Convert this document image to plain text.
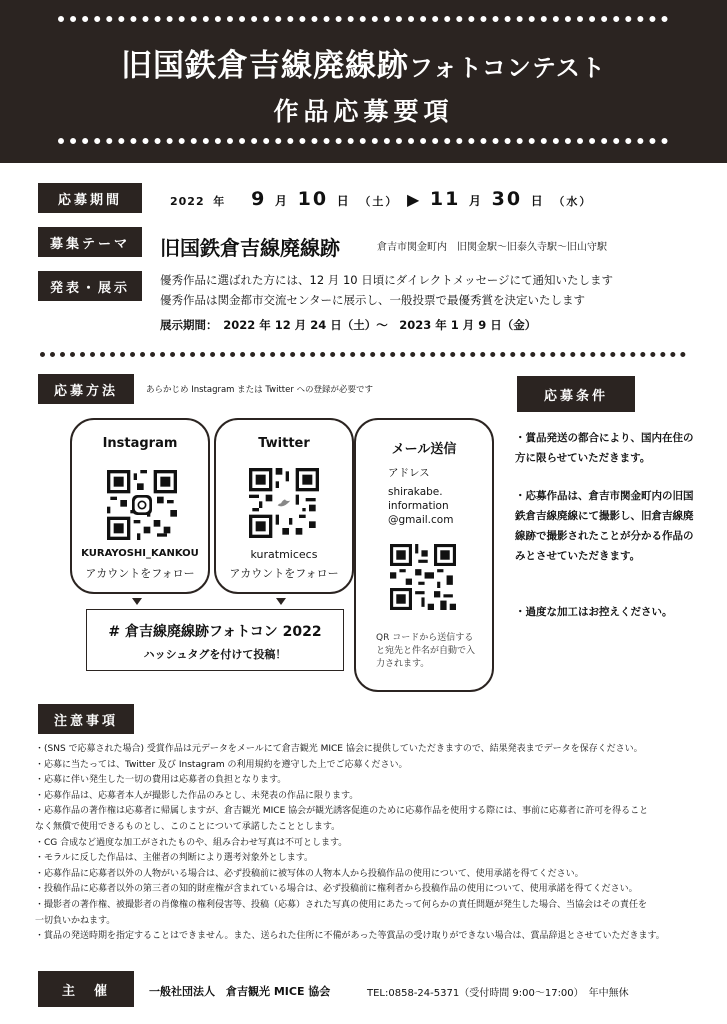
旧国鉄倉吉線廃線跡フォトコンテスト
作品応募要項
応募期間	2022 年 9 月 10 日 （土） ▶ 11 月 30 日 （水）
募集テーマ	旧国鉄倉吉線廃線跡	倉吉市関金町内　旧関金駅〜旧泰久寺駅〜旧山守駅
発表・展示
優秀作品に選ばれた方には、12 月 10 日頃にダイレクトメッセージにて通知いたします
優秀作品は関金都市交流センターに展示し、一般投票で最優秀賞を決定いたします
展示期間：　2022 年 12 月 24 日（土）〜　2023 年 1 月 9 日（金）
応募方法	あらかじめ Instagram または Twitter への登録が必要です
Instagram
KURAYOSHI_KANKOU
アカウントをフォロー
Twitter
kuratmicecs
アカウントをフォロー
メール送信
アドレス
shirakabe.
information
@gmail.com
QR コードから送信すると宛先と件名が自動で入力されます。
# 倉吉線廃線跡フォトコン 2022
ハッシュタグを付けて投稿！
応募条件
・賞品発送の都合により、国内在住の方に限らせていただきます。
・応募作品は、倉吉市関金町内の旧国鉄倉吉線廃線にて撮影し、旧倉吉線廃線跡で撮影されたことが分かる作品のみとさせていただきます。
・過度な加工はお控えください。
注意事項

・(SNS で応募された場合) 受賞作品は元データをメールにて倉吉観光 MICE 協会に提供していただきますので、結果発表までデータを保存ください。

・応募に当たっては、Twitter 及び Instagram の利用規約を遵守した上でご応募ください。

・応募に伴い発生した一切の費用は応募者の負担となります。

・応募作品は、応募者本人が撮影した作品のみとし、未発表の作品に限ります。

・応募作品の著作権は応募者に帰属しますが、倉吉観光 MICE 協会が観光誘客促進のために応募作品を使用する際には、事前に応募者に許可を得ること

なく無償で使用できるものとし、このことについて承諾したこととします。

・CG 合成など過度な加工がされたものや、組み合わせ写真は不可とします。

・モラルに反した作品は、主催者の判断により選考対象外とします。

・応募作品に応募者以外の人物がいる場合は、必ず投稿前に被写体の人物本人から投稿作品の使用について、使用承諾を得てください。

・投稿作品に応募者以外の第三者の知的財産権が含まれている場合は、必ず投稿前に権利者から投稿作品の使用について、使用承諾を得てください。

・撮影者の著作権、被撮影者の肖像権の権利侵害等、投稿（応募）された写真の使用にあたって何らかの責任問題が発生した場合、当協会はその責任を

一切負いかねます。

・賞品の発送時期を指定することはできません。また、送られた住所に不備があった等賞品の受け取りができない場合は、賞品辞退とさせていただきます。

主　催	一般社団法人　倉吉観光 MICE 協会	TEL:0858-24-5371（受付時間 9:00〜17:00）　年中無休
